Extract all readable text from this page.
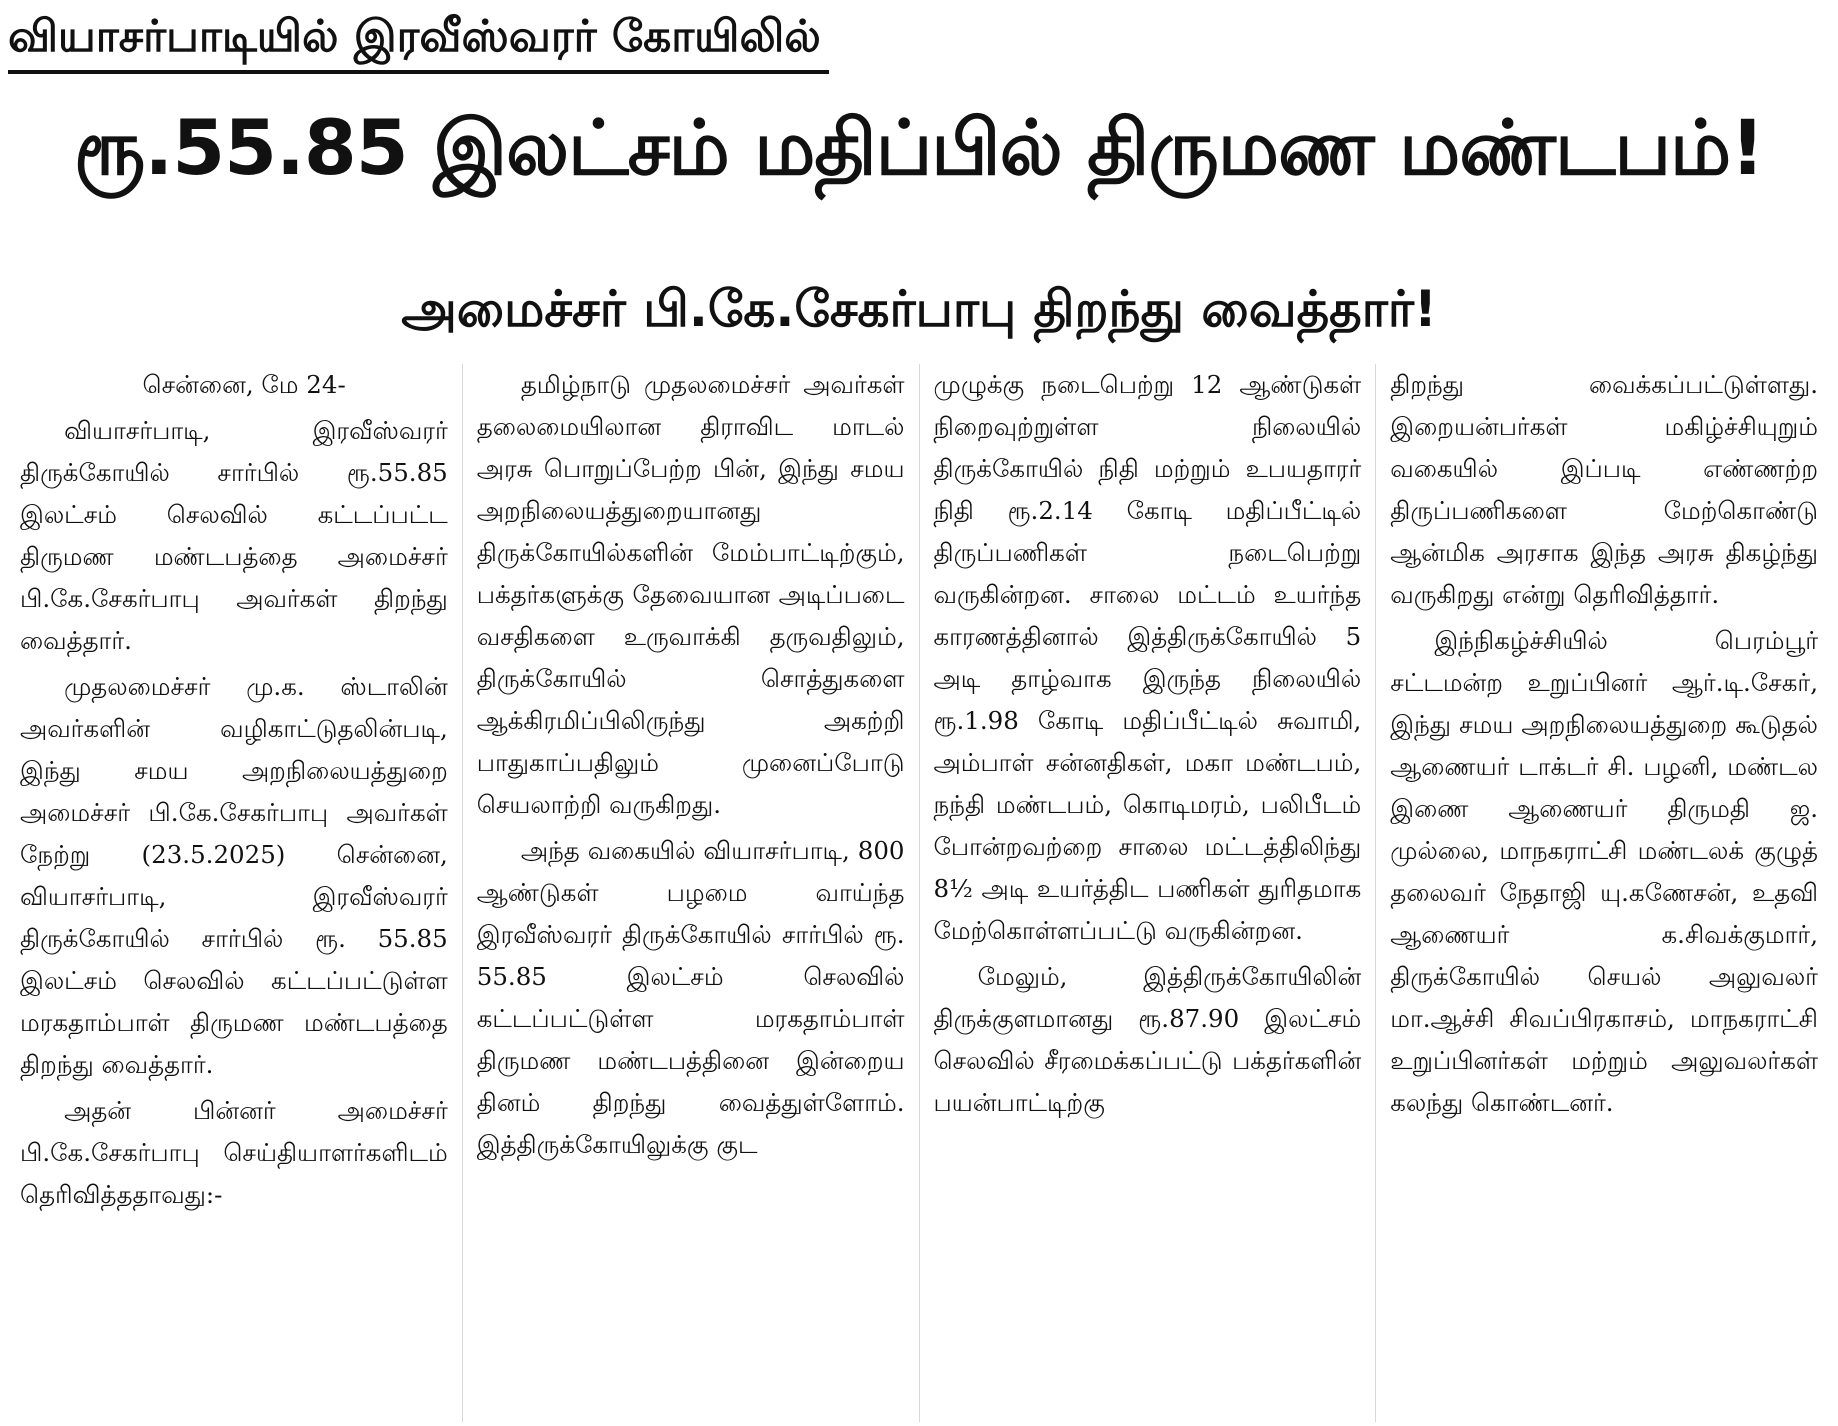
வியாசர்பாடியில் இரவீஸ்வரர் கோயிலில்
ரூ.55.85 இலட்சம் மதிப்பில் திருமண மண்டபம்!
அமைச்சர் பி.கே.சேகர்பாபு திறந்து வைத்தார்!

சென்னை, மே 24-

வியாசர்பாடி, இரவீஸ்வரர் திருக்கோயில் சார்பில் ரூ.55.85 இலட்சம் செலவில் கட்டப்பட்ட திருமண மண்டபத்தை அமைச்சர் பி.கே.சேகர்பாபு அவர்கள் திறந்து வைத்தார்.

முதலமைச்சர் மு.க. ஸ்டாலின் அவர்களின் வழிகாட்டுதலின்படி, இந்து சமய அறநிலையத்துறை அமைச்சர் பி.கே.சேகர்பாபு அவர்கள் நேற்று (23.5.2025) சென்னை, வியாசர்பாடி, இரவீஸ்வரர் திருக்கோயில் சார்பில் ரூ. 55.85 இலட்சம் செலவில் கட்டப்பட்டுள்ள மரகதாம்பாள் திருமண மண்டபத்தை திறந்து வைத்தார்.

அதன் பின்னர் அமைச்சர் பி.கே.சேகர்பாபு செய்தியாளர்களிடம் தெரிவித்ததாவது:-

தமிழ்நாடு முதலமைச்சர் அவர்கள் தலைமையிலான திராவிட மாடல் அரசு பொறுப்பேற்ற பின், இந்து சமய அறநிலையத்துறையானது திருக்கோயில்களின் மேம்பாட்டிற்கும், பக்தர்களுக்கு தேவையான அடிப்படை வசதிகளை உருவாக்கி தருவதிலும், திருக்கோயில் சொத்துகளை ஆக்கிரமிப்பிலிருந்து அகற்றி பாதுகாப்பதிலும் முனைப்போடு செயலாற்றி வருகிறது.

அந்த வகையில் வியாசர்பாடி, 800 ஆண்டுகள் பழமை வாய்ந்த இரவீஸ்வரர் திருக்கோயில் சார்பில் ரூ. 55.85 இலட்சம் செலவில் கட்டப்பட்டுள்ள மரகதாம்பாள் திருமண மண்டபத்தினை இன்றைய தினம் திறந்து வைத்துள்ளோம். இத்திருக்கோயிலுக்கு குட

முழுக்கு நடைபெற்று 12 ஆண்டுகள் நிறைவுற்றுள்ள நிலையில் திருக்கோயில் நிதி மற்றும் உபயதாரர் நிதி ரூ.2.14 கோடி மதிப்பீட்டில் திருப்பணிகள் நடைபெற்று வருகின்றன. சாலை மட்டம் உயர்ந்த காரணத்தினால் இத்திருக்கோயில் 5 அடி தாழ்வாக இருந்த நிலையில் ரூ.1.98 கோடி மதிப்பீட்டில் சுவாமி, அம்பாள் சன்னதிகள், மகா மண்டபம், நந்தி மண்டபம், கொடிமரம், பலிபீடம் போன்றவற்றை சாலை மட்டத்திலிந்து 8½ அடி உயர்த்திட பணிகள் துரிதமாக மேற்கொள்ளப்பட்டு வருகின்றன.

மேலும், இத்திருக்கோயிலின் திருக்குளமானது ரூ.87.90 இலட்சம் செலவில் சீரமைக்கப்பட்டு பக்தர்களின் பயன்பாட்டிற்கு

திறந்து வைக்கப்பட்டுள்ளது. இறையன்பர்கள் மகிழ்ச்சியுறும் வகையில் இப்படி எண்ணற்ற திருப்பணிகளை மேற்கொண்டு ஆன்மிக அரசாக இந்த அரசு திகழ்ந்து வருகிறது என்று தெரிவித்தார்.

இந்நிகழ்ச்சியில் பெரம்பூர் சட்டமன்ற உறுப்பினர் ஆர்.டி.சேகர், இந்து சமய அறநிலையத்துறை கூடுதல் ஆணையர் டாக்டர் சி. பழனி, மண்டல இணை ஆணையர் திருமதி ஜ. முல்லை, மாநகராட்சி மண்டலக் குழுத் தலைவர் நேதாஜி யு.கணேசன், உதவி ஆணையர் க.சிவக்குமார், திருக்கோயில் செயல் அலுவலர் மா.ஆச்சி சிவப்பிரகாசம், மாநகராட்சி உறுப்பினர்கள் மற்றும் அலுவலர்கள் கலந்து கொண்டனர்.
